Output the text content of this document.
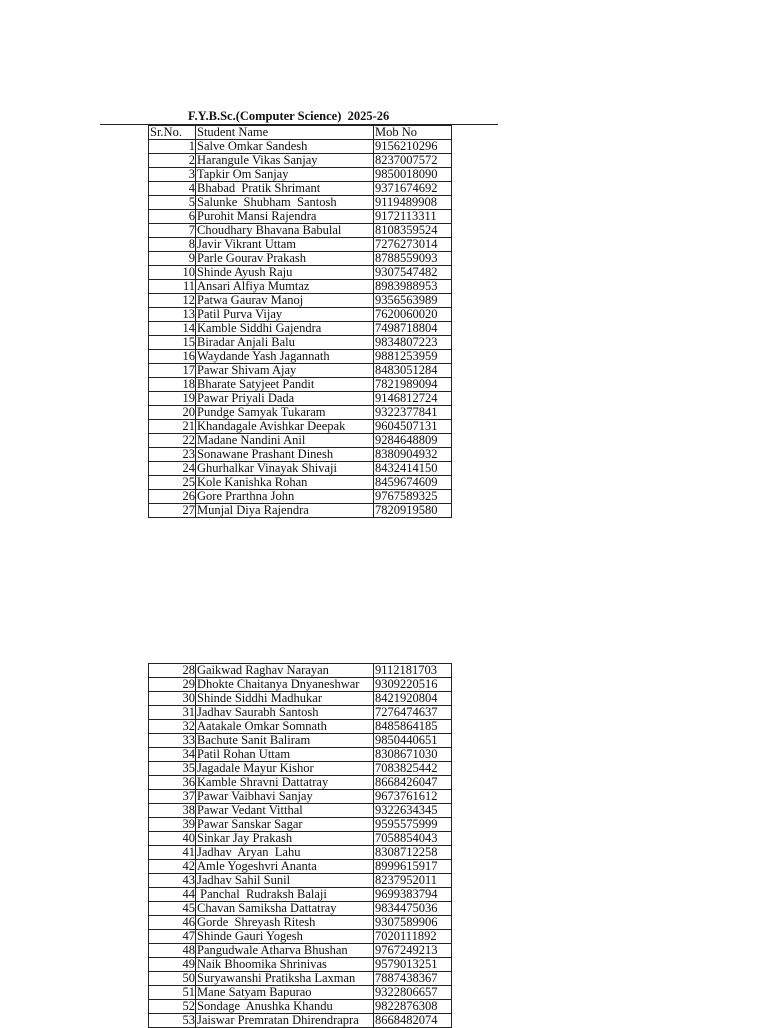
F.Y.B.Sc.(Computer Science)  2025-26
Sr.No.	Student Name	Mob No
1	Salve Omkar Sandesh	9156210296
2	Harangule Vikas Sanjay	8237007572
3	Tapkir Om Sanjay	9850018090
4	Bhabad  Pratik Shrimant	9371674692
5	Salunke  Shubham  Santosh	9119489908
6	Purohit Mansi Rajendra	9172113311
7	Choudhary Bhavana Babulal	8108359524
8	Javir Vikrant Uttam	7276273014
9	Parle Gourav Prakash	8788559093
10	Shinde Ayush Raju	9307547482
11	Ansari Alfiya Mumtaz	8983988953
12	Patwa Gaurav Manoj	9356563989
13	Patil Purva Vijay	7620060020
14	Kamble Siddhi Gajendra	7498718804
15	Biradar Anjali Balu	9834807223
16	Waydande Yash Jagannath	9881253959
17	Pawar Shivam Ajay	8483051284
18	Bharate Satyjeet Pandit	7821989094
19	Pawar Priyali Dada	9146812724
20	Pundge Samyak Tukaram	9322377841
21	Khandagale Avishkar Deepak	9604507131
22	Madane Nandini Anil	9284648809
23	Sonawane Prashant Dinesh	8380904932
24	Ghurhalkar Vinayak Shivaji	8432414150
25	Kole Kanishka Rohan	8459674609
26	Gore Prarthna John	9767589325
27	Munjal Diya Rajendra	7820919580
28	Gaikwad Raghav Narayan	9112181703
29	Dhokte Chaitanya Dnyaneshwar	9309220516
30	Shinde Siddhi Madhukar	8421920804
31	Jadhav Saurabh Santosh	7276474637
32	Aatakale Omkar Somnath	8485864185
33	Bachute Sanit Baliram	9850440651
34	Patil Rohan Uttam	8308671030
35	Jagadale Mayur Kishor	7083825442
36	Kamble Shravni Dattatray	8668426047
37	Pawar Vaibhavi Sanjay	9673761612
38	Pawar Vedant Vitthal	9322634345
39	Pawar Sanskar Sagar	9595575999
40	Sinkar Jay Prakash	7058854043
41	Jadhav  Aryan  Lahu	8308712258
42	Amle Yogeshvri Ananta	8999615917
43	Jadhav Sahil Sunil	8237952011
44	Panchal  Rudraksh Balaji	9699383794
45	Chavan Samiksha Dattatray	9834475036
46	Gorde  Shreyash Ritesh	9307589906
47	Shinde Gauri Yogesh	7020111892
48	Pangudwale Atharva Bhushan	9767249213
49	Naik Bhoomika Shrinivas	9579013251
50	Suryawanshi Pratiksha Laxman	7887438367
51	Mane Satyam Bapurao	9322806657
52	Sondage  Anushka Khandu	9822876308
53	Jaiswar Premratan Dhirendrapra	8668482074
